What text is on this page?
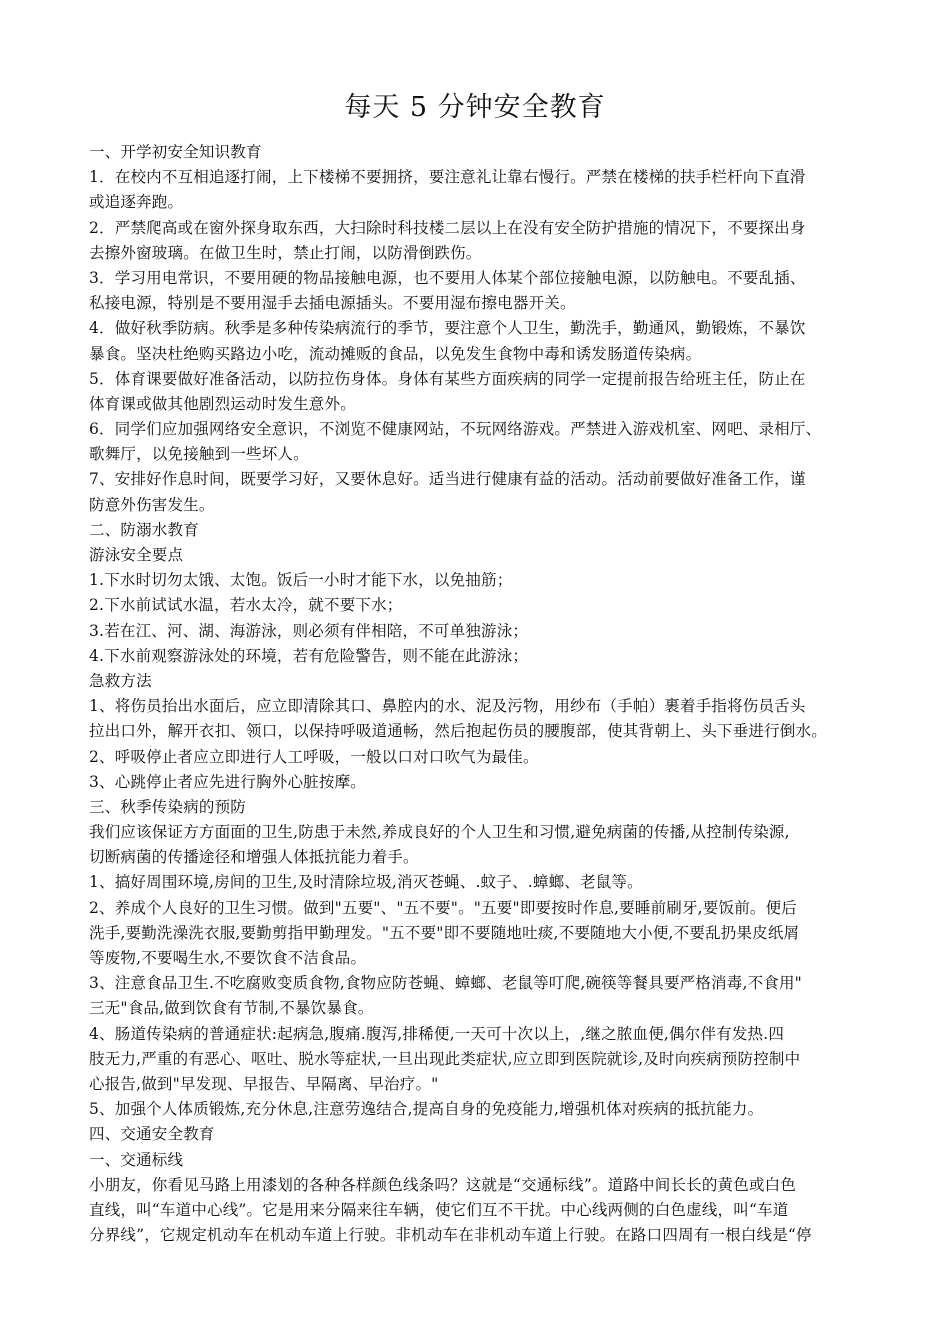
每天 5 分钟安全教育
一、开学初安全知识教育
1．在校内不互相追逐打闹，上下楼梯不要拥挤，要注意礼让靠右慢行。严禁在楼梯的扶手栏杆向下直滑
或追逐奔跑。
2．严禁爬高或在窗外探身取东西，大扫除时科技楼二层以上在没有安全防护措施的情况下，不要探出身
去擦外窗玻璃。在做卫生时，禁止打闹，以防滑倒跌伤。
3．学习用电常识，不要用硬的物品接触电源，也不要用人体某个部位接触电源，以防触电。不要乱插、
私接电源，特别是不要用湿手去插电源插头。不要用湿布擦电器开关。
4．做好秋季防病。秋季是多种传染病流行的季节，要注意个人卫生，勤洗手，勤通风，勤锻炼，不暴饮
暴食。坚决杜绝购买路边小吃，流动摊贩的食品，以免发生食物中毒和诱发肠道传染病。
5．体育课要做好准备活动，以防拉伤身体。身体有某些方面疾病的同学一定提前报告给班主任，防止在
体育课或做其他剧烈运动时发生意外。
6．同学们应加强网络安全意识，不浏览不健康网站，不玩网络游戏。严禁进入游戏机室、网吧、录相厅、
歌舞厅，以免接触到一些坏人。
7、安排好作息时间，既要学习好，又要休息好。适当进行健康有益的活动。活动前要做好准备工作，谨
防意外伤害发生。
二、防溺水教育
游泳安全要点
1.下水时切勿太饿、太饱。饭后一小时才能下水，以免抽筋；
2.下水前试试水温，若水太冷，就不要下水；
3.若在江、河、湖、海游泳，则必须有伴相陪，不可单独游泳；
4.下水前观察游泳处的环境，若有危险警告，则不能在此游泳；
急救方法
1、将伤员抬出水面后，应立即清除其口、鼻腔内的水、泥及污物，用纱布（手帕）裹着手指将伤员舌头
拉出口外，解开衣扣、领口，以保持呼吸道通畅，然后抱起伤员的腰腹部，使其背朝上、头下垂进行倒水。
2、呼吸停止者应立即进行人工呼吸，一般以口对口吹气为最佳。
3、心跳停止者应先进行胸外心脏按摩。
三、秋季传染病的预防
我们应该保证方方面面的卫生,防患于未然,养成良好的个人卫生和习惯,避免病菌的传播,从控制传染源,
切断病菌的传播途径和增强人体抵抗能力着手。
1、搞好周围环境,房间的卫生,及时清除垃圾,消灭苍蝇、.蚊子、.蟑螂、老鼠等。
2、养成个人良好的卫生习惯。做到"五要"、"五不要"。"五要"即要按时作息,要睡前刷牙,要饭前。便后
洗手,要勤洗澡洗衣服,要勤剪指甲勤理发。"五不要"即不要随地吐痰,不要随地大小便,不要乱扔果皮纸屑
等废物,不要喝生水,不要饮食不洁食品。
3、注意食品卫生.不吃腐败变质食物,食物应防苍蝇、蟑螂、老鼠等叮爬,碗筷等餐具要严格消毒,不食用"
三无"食品,做到饮食有节制,不暴饮暴食。
4、肠道传染病的普通症状:起病急,腹痛.腹泻,排稀便,一天可十次以上，,继之脓血便,偶尔伴有发热.四
肢无力,严重的有恶心、呕吐、脱水等症状,一旦出现此类症状,应立即到医院就诊,及时向疾病预防控制中
心报告,做到"早发现、早报告、早隔离、早治疗。"
5、加强个人体质锻炼,充分休息,注意劳逸结合,提高自身的免疫能力,增强机体对疾病的抵抗能力。
四、交通安全教育
一、交通标线
小朋友，你看见马路上用漆划的各种各样颜色线条吗？这就是“交通标线”。道路中间长长的黄色或白色
直线，叫“车道中心线”。它是用来分隔来往车辆，使它们互不干扰。中心线两侧的白色虚线，叫“车道
分界线”，它规定机动车在机动车道上行驶。非机动车在非机动车道上行驶。在路口四周有一根白线是“停
